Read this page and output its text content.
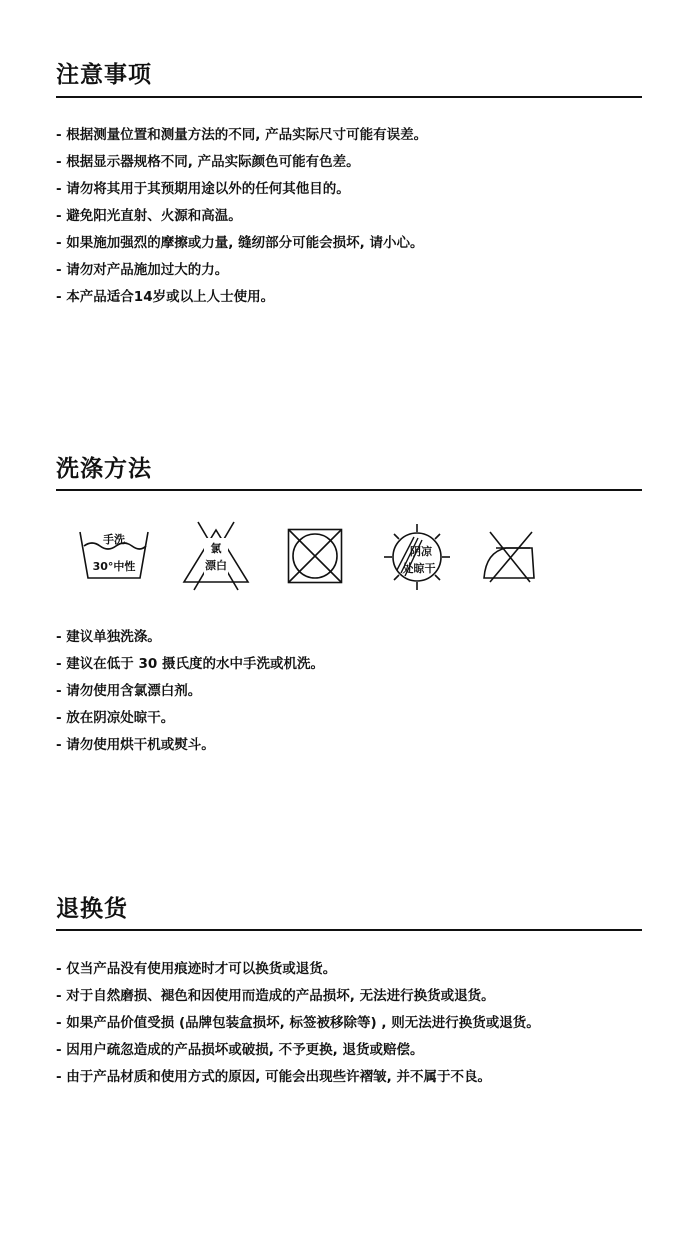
注意事项
- 根据测量位置和测量方法的不同, 产品实际尺寸可能有误差。
- 根据显示器规格不同, 产品实际颜色可能有色差。
- 请勿将其用于其预期用途以外的任何其他目的。
- 避免阳光直射、火源和高温。
- 如果施加强烈的摩擦或力量, 缝纫部分可能会损坏, 请小心。
- 请勿对产品施加过大的力。
- 本产品适合14岁或以上人士使用。
洗涤方法
手洗
30°中性
氯
漂白
阴凉
处晾干
- 建议单独洗涤。
- 建议在低于 30 摄氏度的水中手洗或机洗。
- 请勿使用含氯漂白剂。
- 放在阴凉处晾干。
- 请勿使用烘干机或熨斗。
退换货
- 仅当产品没有使用痕迹时才可以换货或退货。
- 对于自然磨损、褪色和因使用而造成的产品损坏, 无法进行换货或退货。
- 如果产品价值受损 (品牌包装盒损坏, 标签被移除等) , 则无法进行换货或退货。
- 因用户疏忽造成的产品损坏或破损, 不予更换, 退货或赔偿。
- 由于产品材质和使用方式的原因, 可能会出现些许褶皱, 并不属于不良。
